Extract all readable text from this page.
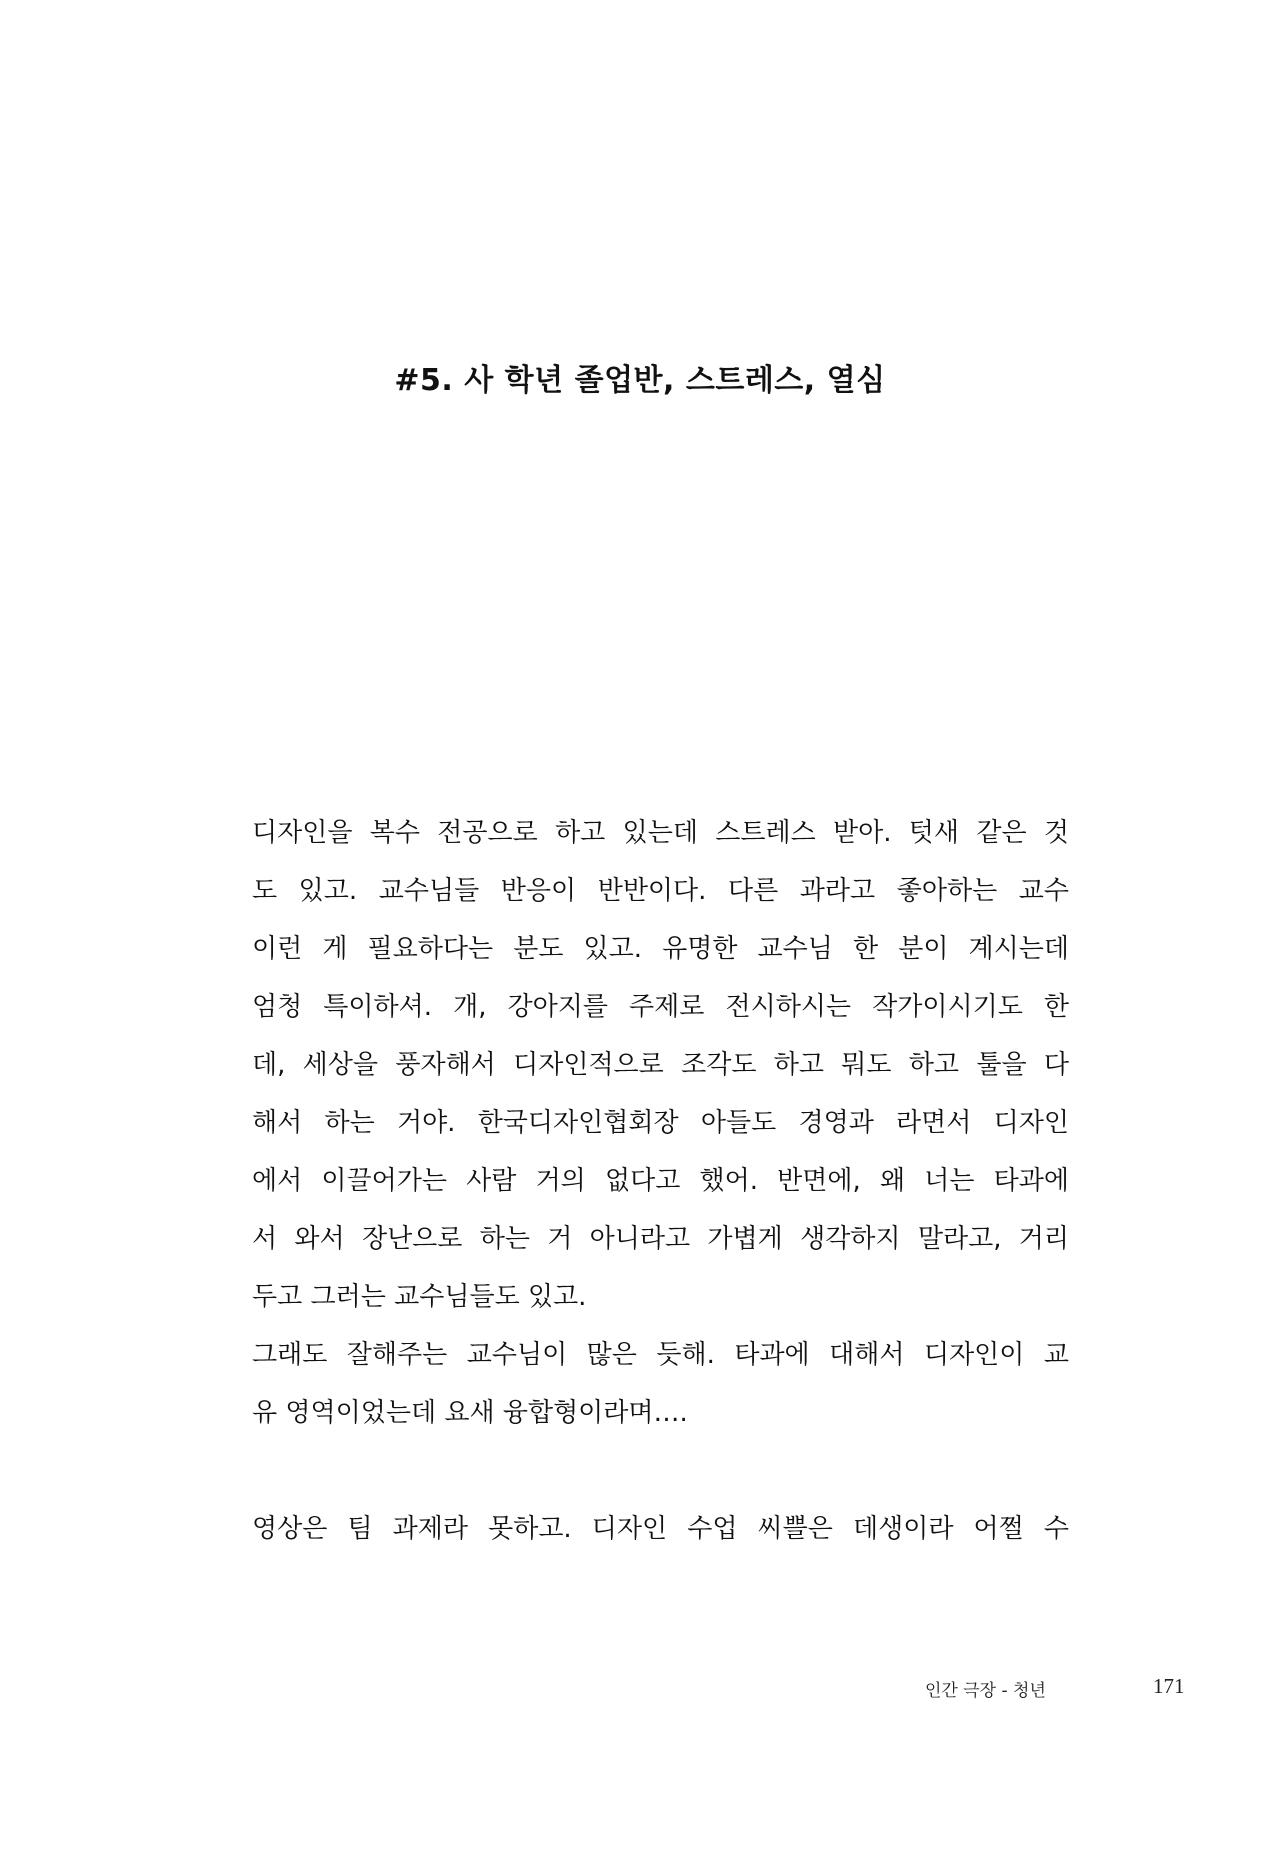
#5. 사 학년 졸업반, 스트레스, 열심
디자인을 복수 전공으로 하고 있는데 스트레스 받아. 텃새 같은 것
도 있고. 교수님들 반응이 반반이다. 다른 과라고 좋아하는 교수
이런 게 필요하다는 분도 있고. 유명한 교수님 한 분이 계시는데
엄청 특이하셔. 개, 강아지를 주제로 전시하시는 작가이시기도 한
데, 세상을 풍자해서 디자인적으로 조각도 하고 뭐도 하고 툴을 다
해서 하는 거야. 한국디자인협회장 아들도 경영과 라면서 디자인
에서 이끌어가는 사람 거의 없다고 했어. 반면에, 왜 너는 타과에
서 와서 장난으로 하는 거 아니라고 가볍게 생각하지 말라고, 거리
두고 그러는 교수님들도 있고.
그래도 잘해주는 교수님이 많은 듯해. 타과에 대해서 디자인이 교
유 영역이었는데 요새 융합형이라며….
영상은 팀 과제라 못하고. 디자인 수업 씨쁠은 데생이라 어쩔 수
인간 극장 - 청년	171
